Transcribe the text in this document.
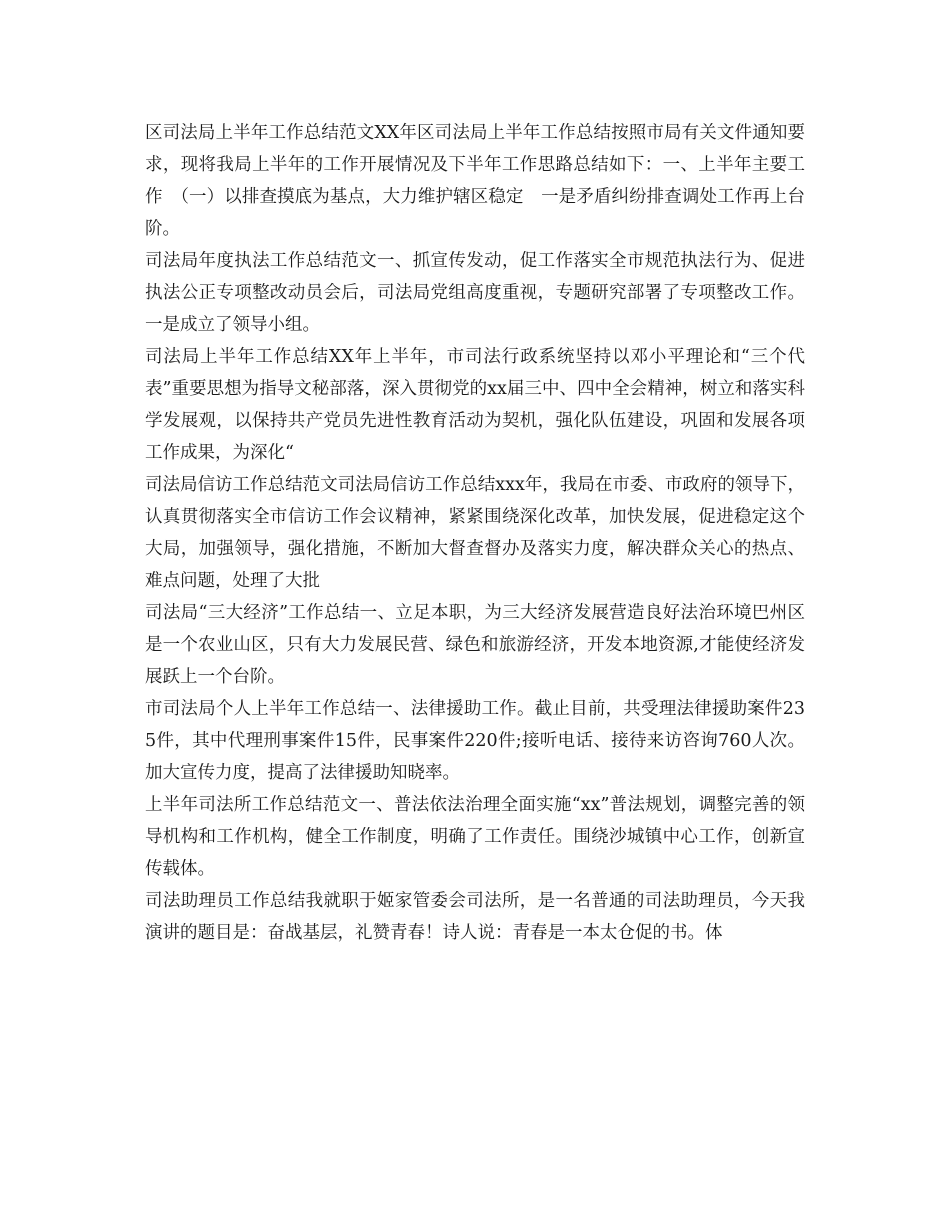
区司法局上半年工作总结范文XX年区司法局上半年工作总结按照市局有关文件通知要求，现将我局上半年的工作开展情况及下半年工作思路总结如下：一、上半年主要工作　（一）以排查摸底为基点，大力维护辖区稳定　一是矛盾纠纷排查调处工作再上台阶。

司法局年度执法工作总结范文一、抓宣传发动，促工作落实全市规范执法行为、促进执法公正专项整改动员会后，司法局党组高度重视，专题研究部署了专项整改工作。一是成立了领导小组。

司法局上半年工作总结XX年上半年，市司法行政系统坚持以邓小平理论和“三个代表”重要思想为指导文秘部落，深入贯彻党的xx届三中、四中全会精神，树立和落实科学发展观，以保持共产党员先进性教育活动为契机，强化队伍建设，巩固和发展各项工作成果，为深化“

司法局信访工作总结范文司法局信访工作总结xxx年，我局在市委、市政府的领导下，认真贯彻落实全市信访工作会议精神，紧紧围绕深化改革，加快发展，促进稳定这个大局，加强领导，强化措施，不断加大督查督办及落实力度，解决群众关心的热点、难点问题，处理了大批

司法局“三大经济”工作总结一、立足本职，为三大经济发展营造良好法治环境巴州区是一个农业山区，只有大力发展民营、绿色和旅游经济，开发本地资源,才能使经济发展跃上一个台阶。

市司法局个人上半年工作总结一、法律援助工作。截止目前，共受理法律援助案件235件，其中代理刑事案件15件，民事案件220件;接听电话、接待来访咨询760人次。加大宣传力度，提高了法律援助知晓率。

上半年司法所工作总结范文一、普法依法治理全面实施“xx”普法规划，调整完善的领导机构和工作机构，健全工作制度，明确了工作责任。围绕沙城镇中心工作，创新宣传载体。

司法助理员工作总结我就职于姬家管委会司法所，是一名普通的司法助理员，今天我演讲的题目是：奋战基层，礼赞青春！诗人说：青春是一本太仓促的书。体
